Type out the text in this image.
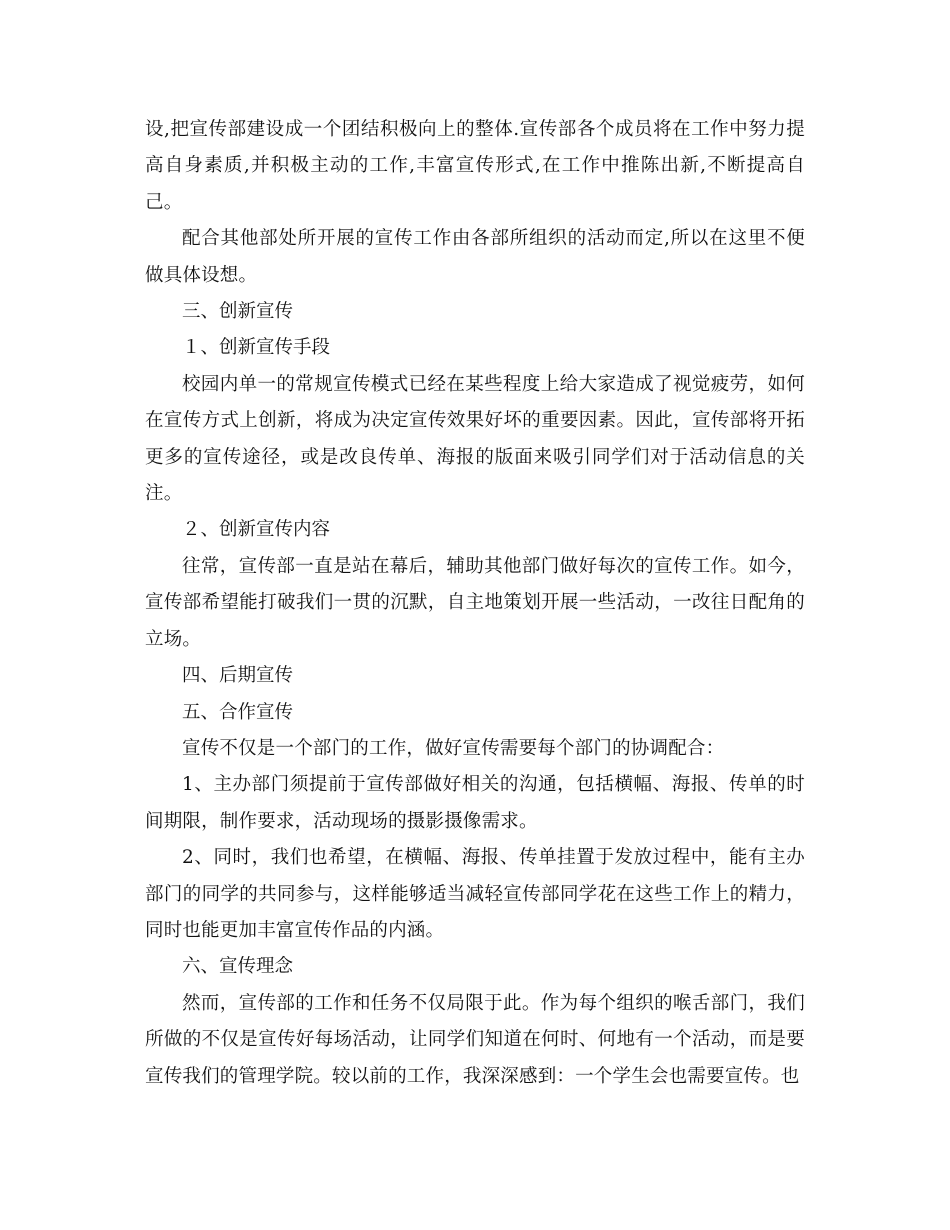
设,把宣传部建设成一个团结积极向上的整体.宣传部各个成员将在工作中努力提高自身素质,并积极主动的工作,丰富宣传形式,在工作中推陈出新,不断提高自己。

配合其他部处所开展的宣传工作由各部所组织的活动而定,所以在这里不便做具体设想。

三、创新宣传

１、创新宣传手段

校园内单一的常规宣传模式已经在某些程度上给大家造成了视觉疲劳，如何在宣传方式上创新，将成为决定宣传效果好坏的重要因素。因此，宣传部将开拓更多的宣传途径，或是改良传单、海报的版面来吸引同学们对于活动信息的关注。

２、创新宣传内容

往常，宣传部一直是站在幕后，辅助其他部门做好每次的宣传工作。如今，宣传部希望能打破我们一贯的沉默，自主地策划开展一些活动，一改往日配角的立场。

四、后期宣传

五、合作宣传

宣传不仅是一个部门的工作，做好宣传需要每个部门的协调配合：

1、主办部门须提前于宣传部做好相关的沟通，包括横幅、海报、传单的时间期限，制作要求，活动现场的摄影摄像需求。

2、同时，我们也希望，在横幅、海报、传单挂置于发放过程中，能有主办部门的同学的共同参与，这样能够适当减轻宣传部同学花在这些工作上的精力，同时也能更加丰富宣传作品的内涵。

六、宣传理念

然而，宣传部的工作和任务不仅局限于此。作为每个组织的喉舌部门，我们所做的不仅是宣传好每场活动，让同学们知道在何时、何地有一个活动，而是要宣传我们的管理学院。较以前的工作，我深深感到：一个学生会也需要宣传。也
